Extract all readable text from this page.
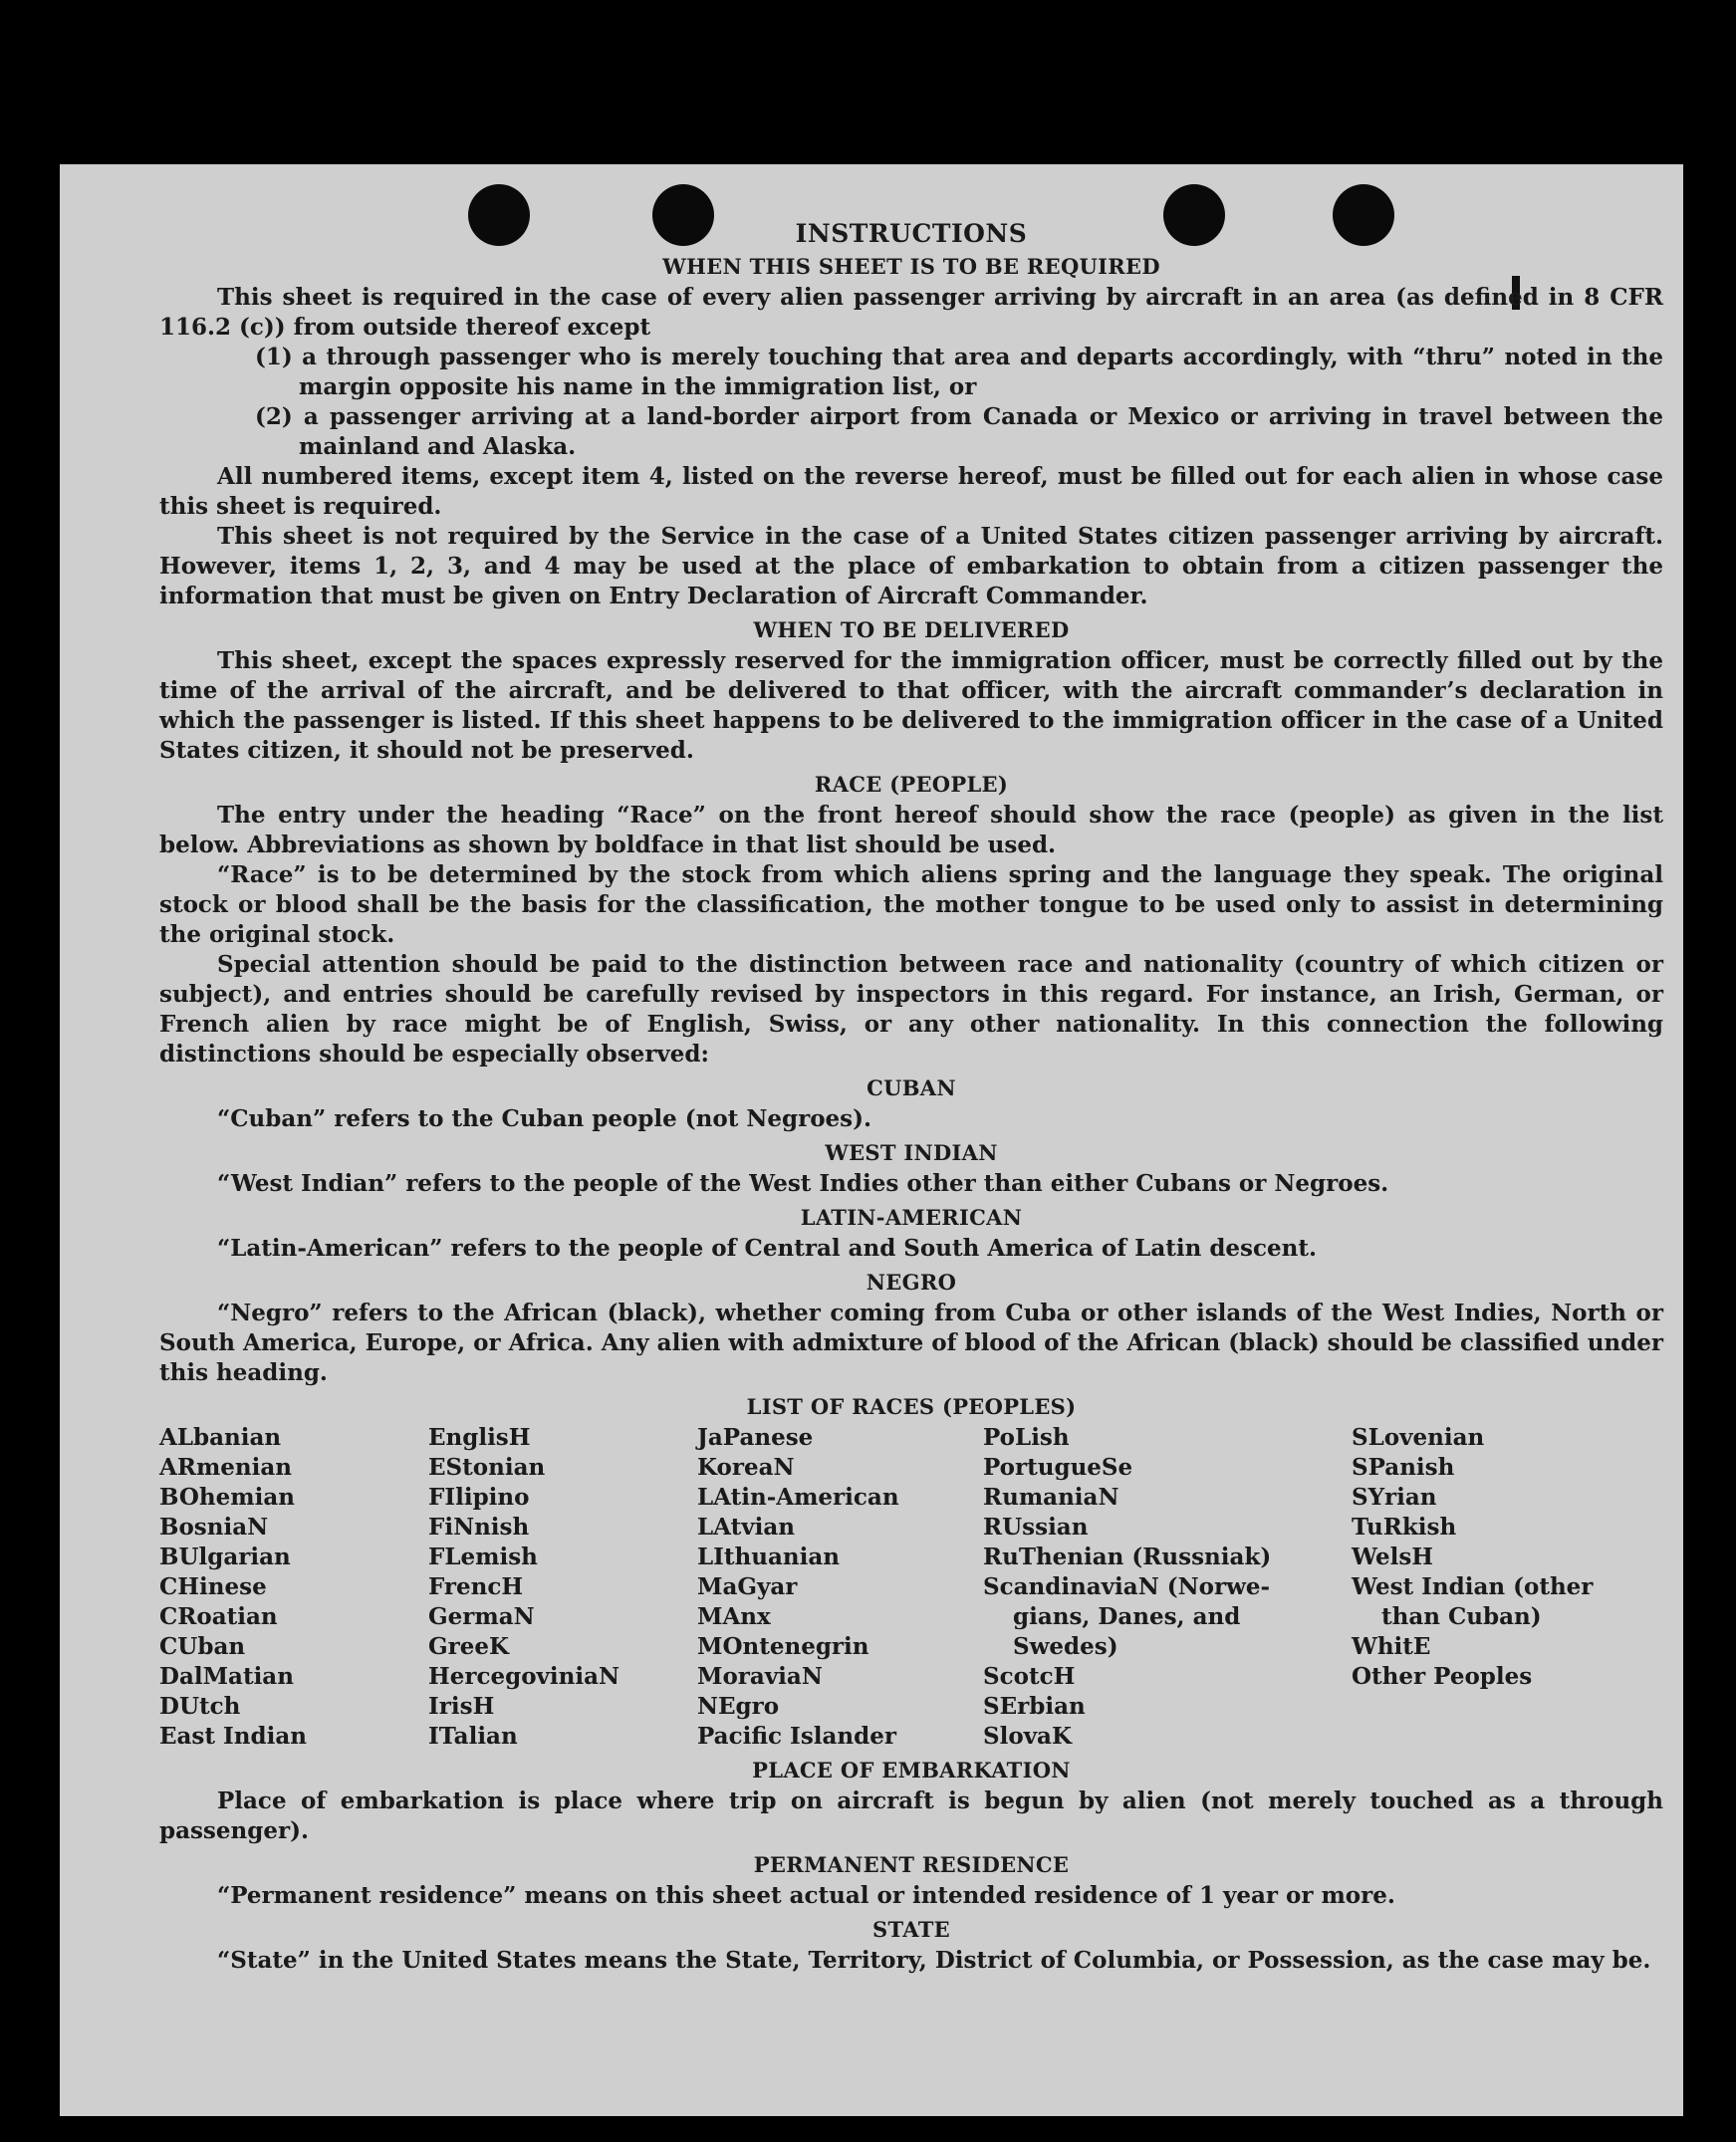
INSTRUCTIONS
WHEN THIS SHEET IS TO BE REQUIRED

This sheet is required in the case of every alien passenger arriving by aircraft in an area (as defined in 8 CFR 116.2 (c)) from outside thereof except

(1) a through passenger who is merely touching that area and departs accordingly, with “thru” noted in the margin opposite his name in the immigration list, or

(2) a passenger arriving at a land-border airport from Canada or Mexico or arriving in travel between the mainland and Alaska.

All numbered items, except item 4, listed on the reverse hereof, must be filled out for each alien in whose case this sheet is required.

This sheet is not required by the Service in the case of a United States citizen passenger arriving by aircraft. However, items 1, 2, 3, and 4 may be used at the place of embarkation to obtain from a citizen passenger the information that must be given on Entry Declaration of Aircraft Commander.

WHEN TO BE DELIVERED

This sheet, except the spaces expressly reserved for the immigration officer, must be correctly filled out by the time of the arrival of the aircraft, and be delivered to that officer, with the aircraft commander’s declaration in which the passenger is listed. If this sheet happens to be delivered to the immigration officer in the case of a United States citizen, it should not be preserved.

RACE (PEOPLE)

The entry under the heading “Race” on the front hereof should show the race (people) as given in the list below. Abbreviations as shown by boldface in that list should be used.

“Race” is to be determined by the stock from which aliens spring and the language they speak. The original stock or blood shall be the basis for the classification, the mother tongue to be used only to assist in determining the original stock.

Special attention should be paid to the distinction between race and nationality (country of which citizen or subject), and entries should be carefully revised by inspectors in this regard. For instance, an Irish, German, or French alien by race might be of English, Swiss, or any other nationality. In this connection the following distinctions should be especially observed:

CUBAN

“Cuban” refers to the Cuban people (not Negroes).

WEST INDIAN

“West Indian” refers to the people of the West Indies other than either Cubans or Negroes.

LATIN-AMERICAN

“Latin-American” refers to the people of Central and South America of Latin descent.

NEGRO

“Negro” refers to the African (black), whether coming from Cuba or other islands of the West Indies, North or South America, Europe, or Africa. Any alien with admixture of blood of the African (black) should be classified under this heading.

LIST OF RACES (PEOPLES)
ALbanian
ARmenian
BOhemian
BosniaN
BUlgarian
CHinese
CRoatian
CUban
DalMatian
DUtch
East Indian
EnglisH
EStonian
FIlipino
FiNnish
FLemish
FrencH
GermaN
GreeK
HercegoviniaN
IrisH
ITalian
JaPanese
KoreaN
LAtin-American
LAtvian
LIthuanian
MaGyar
MAnx
MOntenegrin
MoraviaN
NEgro
Pacific Islander
PoLish
PortugueSe
RumaniaN
RUssian
RuThenian (Russniak)
ScandinaviaN (Norwe-
gians, Danes, and
Swedes)
ScotcH
SErbian
SlovaK
SLovenian
SPanish
SYrian
TuRkish
WelsH
West Indian (other
than Cuban)
WhitE
Other Peoples
PLACE OF EMBARKATION

Place of embarkation is place where trip on aircraft is begun by alien (not merely touched as a through passenger).

PERMANENT RESIDENCE

“Permanent residence” means on this sheet actual or intended residence of 1 year or more.

STATE

“State” in the United States means the State, Territory, District of Columbia, or Possession, as the case may be.
